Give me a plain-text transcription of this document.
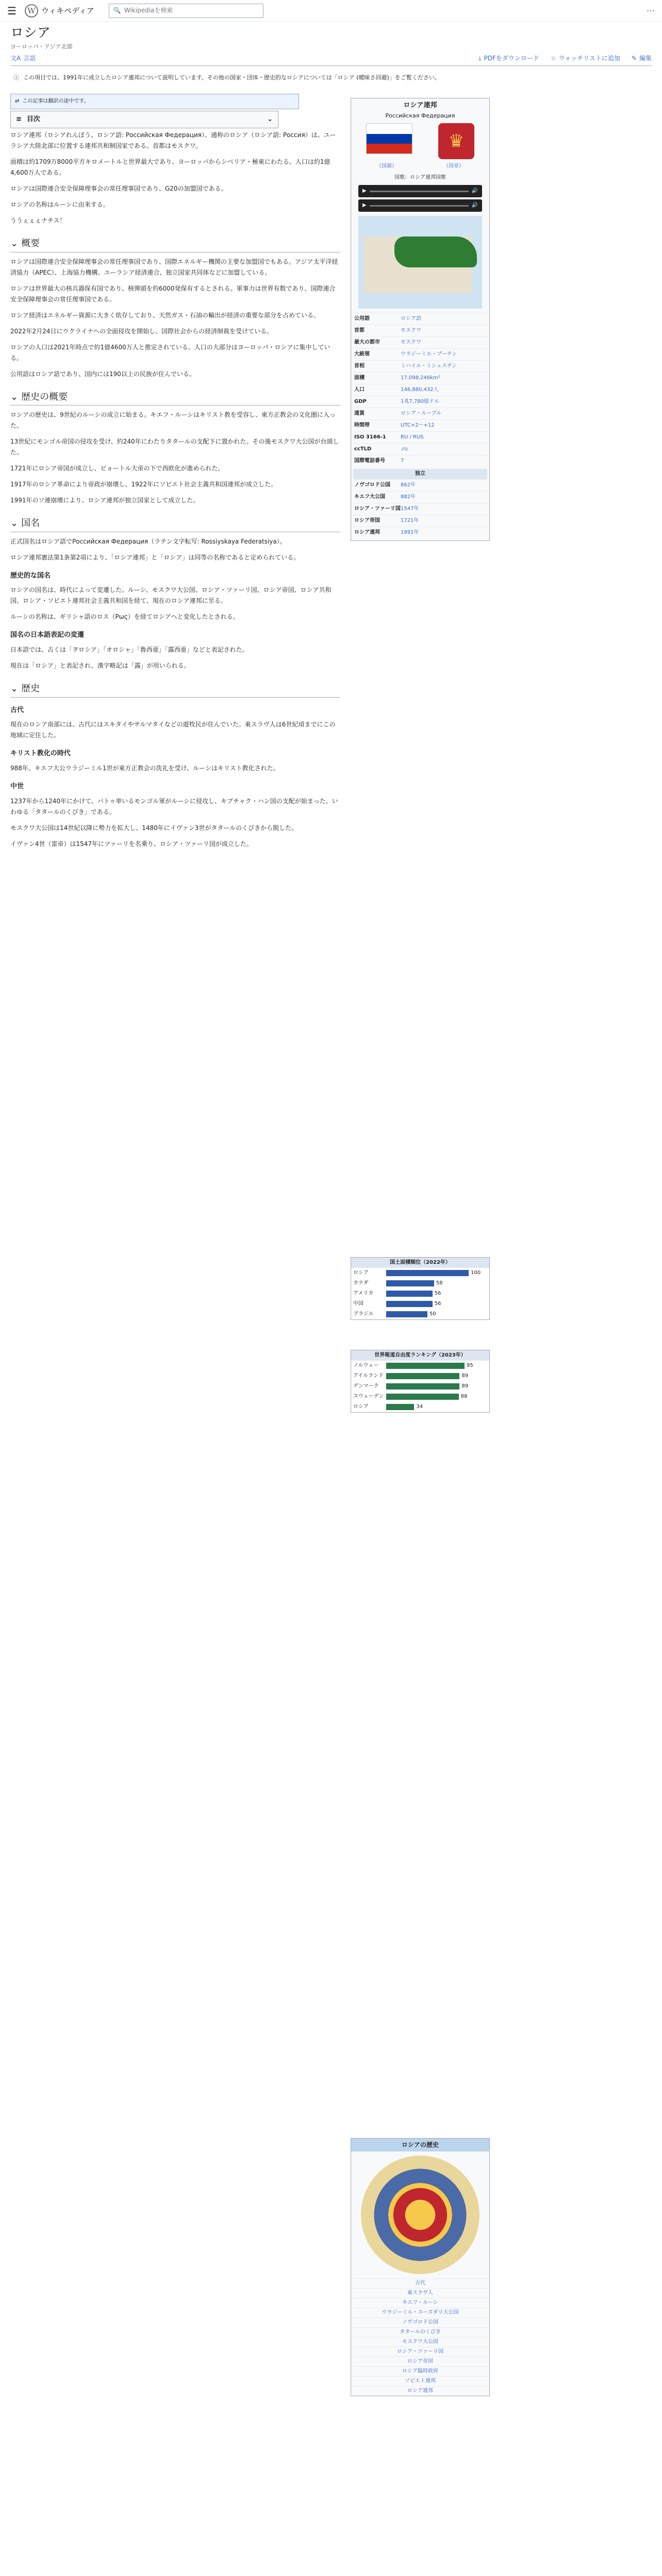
☰	W ウィキペディア	🔍 Wikipediaを検索	⋯
ロシア
ヨーロッパ・アジア北部
文A 言語	⤓ PDFをダウンロード ☆ ウォッチリストに追加 ✎ 編集
ⓘ この項目では、1991年に成立したロシア連邦について説明しています。その他の国家・団体・歴史的なロシアについては「ロシア (曖昧さ回避)」をご覧ください。
⇄ この記事は翻訳の途中です。
≡ 目次	⌄

ロシア連邦（ロシアれんぽう、ロシア語: Российская Федерация）、通称のロシア（ロシア語: Россия）は、ユーラシア大陸北部に位置する連邦共和制国家である。首都はモスクワ。

面積は約1709万8000平方キロメートルと世界最大であり、ヨーロッパからシベリア・極東にわたる。人口は約1億4,600万人である。

ロシアは国際連合安全保障理事会の常任理事国であり、G20の加盟国である。

ロシアの名称はルーシに由来する。

ううぇぇぇナチス！

⌄ 概要

ロシアは国際連合安全保障理事会の常任理事国であり、国際エネルギー機関の主要な加盟国でもある。アジア太平洋経済協力（APEC）、上海協力機構、ユーラシア経済連合、独立国家共同体などに加盟している。

ロシアは世界最大の核兵器保有国であり、核弾頭を約6000発保有するとされる。軍事力は世界有数であり、国際連合安全保障理事会の常任理事国である。

ロシア経済はエネルギー資源に大きく依存しており、天然ガス・石油の輸出が経済の重要な部分を占めている。

2022年2月24日にウクライナへの全面侵攻を開始し、国際社会からの経済制裁を受けている。

ロシアの人口は2021年時点で約1億4600万人と推定されている。人口の大部分はヨーロッパ・ロシアに集中している。

公用語はロシア語であり、国内には190以上の民族が住んでいる。

⌄ 歴史の概要

ロシアの歴史は、9世紀のルーシの成立に始まる。キエフ・ルーシはキリスト教を受容し、東方正教会の文化圏に入った。

13世紀にモンゴル帝国の侵攻を受け、約240年にわたりタタールの支配下に置かれた。その後モスクワ大公国が台頭した。

1721年にロシア帝国が成立し、ピョートル大帝の下で西欧化が進められた。

1917年のロシア革命により帝政が崩壊し、1922年にソビエト社会主義共和国連邦が成立した。

1991年のソ連崩壊により、ロシア連邦が独立国家として成立した。

⌄ 国名

正式国名はロシア語でРоссийская Федерация（ラテン文字転写: Rossiyskaya Federatsiya）。

ロシア連邦憲法第1条第2項により、「ロシア連邦」と「ロシア」は同等の名称であると定められている。

歴史的な国名

ロシアの国名は、時代によって変遷した。ルーシ、モスクワ大公国、ロシア・ツァーリ国、ロシア帝国、ロシア共和国、ロシア・ソビエト連邦社会主義共和国を経て、現在のロシア連邦に至る。

ルーシの名称は、ギリシャ語のロス（Ρως）を経てロシアへと変化したとされる。

国名の日本語表記の変遷

日本語では、古くは「ヲロシア」「オロシャ」「魯西亜」「露西亜」などと表記された。

現在は「ロシア」と表記され、漢字略記は「露」が用いられる。

⌄ 歴史
古代

現在のロシア南部には、古代にはスキタイやサルマタイなどの遊牧民が住んでいた。東スラヴ人は6世紀頃までにこの地域に定住した。

キリスト教化の時代

988年、キエフ大公ウラジーミル1世が東方正教会の洗礼を受け、ルーシはキリスト教化された。

中世

1237年から1240年にかけて、バトゥ率いるモンゴル軍がルーシに侵攻し、キプチャク・ハン国の支配が始まった。いわゆる「タタールのくびき」である。

モスクワ大公国は14世紀以降に勢力を拡大し、1480年にイヴァン3世がタタールのくびきから脱した。

イヴァン4世（雷帝）は1547年にツァーリを名乗り、ロシア・ツァーリ国が成立した。

ロシア連邦
Российская Федерация
♛
（国旗）	（国章）
国歌：ロシア連邦国歌
▶	🔊
▶	🔊
公用語	ロシア語
首都	モスクワ
最大の都市	モスクワ
大統領	ウラジーミル・プーチン
首相	ミハイル・ミシュスチン
面積	17,098,246km²
人口	146,880,432人
GDP	1兆7,780億ドル
通貨	ロシア・ルーブル
時間帯	UTC+2～+12
ISO 3166-1	RU / RUS
ccTLD	.ru
国際電話番号	7
独立
ノヴゴロド公国	862年
キエフ大公国	882年
ロシア・ツァーリ国 1547年
ロシア帝国	1721年
ロシア連邦	1991年
国土面積順位（2022年）
ロシア	100
カナダ	58
アメリカ	56
中国	56
ブラジル	50
世界報道自由度ランキング（2023年）
ノルウェー	95
アイルランド	89
デンマーク	89
スウェーデン	88
ロシア	34
ロシアの歴史
古代
東スラヴ人
キエフ・ルーシ
ウラジーミル・スーズダリ大公国
ノヴゴロド公国
タタールのくびき
モスクワ大公国
ロシア・ツァーリ国
ロシア帝国
ロシア臨時政府
ソビエト連邦
ロシア連邦
